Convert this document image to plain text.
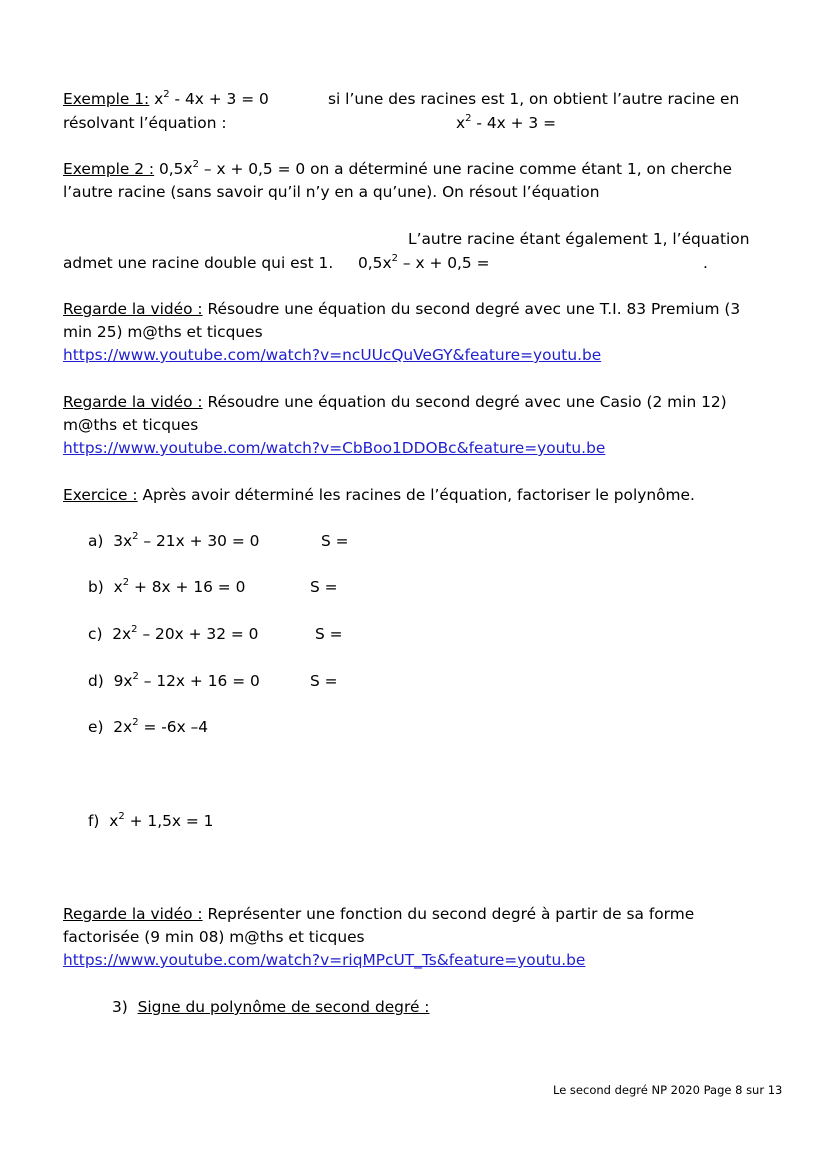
Exemple 1: $x^2 - 4x + 3 = 0$	si l’une des racines est 1, on obtient l’autre racine en
résolvant l’équation :	$x^2 - 4x + 3$ =
Exemple 2 : $0,5x^2 - x + 0,5 = 0$ on a déterminé une racine comme étant 1, on cherche
l’autre racine (sans savoir qu’il n’y en a qu’une). On résout l’équation
L’autre racine étant également 1, l’équation
admet une racine double qui est 1. $0,5x^2 - x + 0,5$ =	.
Regarde la vidéo : Résoudre une équation du second degré avec une T.I. 83 Premium (3
min 25) m@ths et ticques
https://www.youtube.com/watch?v=ncUUcQuVeGY&feature=youtu.be
Regarde la vidéo : Résoudre une équation du second degré avec une Casio (2 min 12)
m@ths et ticques
https://www.youtube.com/watch?v=CbBoo1DDOBc&feature=youtu.be
Exercice : Après avoir déterminé les racines de l’équation, factoriser le polynôme.
a) $3x^2 - 21x + 30 = 0$	S =
b) $x^2 + 8x + 16 = 0$	S =
c) $2x^2 - 20x + 32 = 0$	S =
d) $9x^2 - 12x + 16 = 0$	S =
e) $2x^2 = -6x$ –4
f) $x^2 + 1,5x = 1$
Regarde la vidéo : Représenter une fonction du second degré à partir de sa forme
factorisée (9 min 08) m@ths et ticques
https://www.youtube.com/watch?v=riqMPcUT_Ts&feature=youtu.be
3) Signe du polynôme de second degré :
Le second degré NP 2020 Page 8 sur 13
